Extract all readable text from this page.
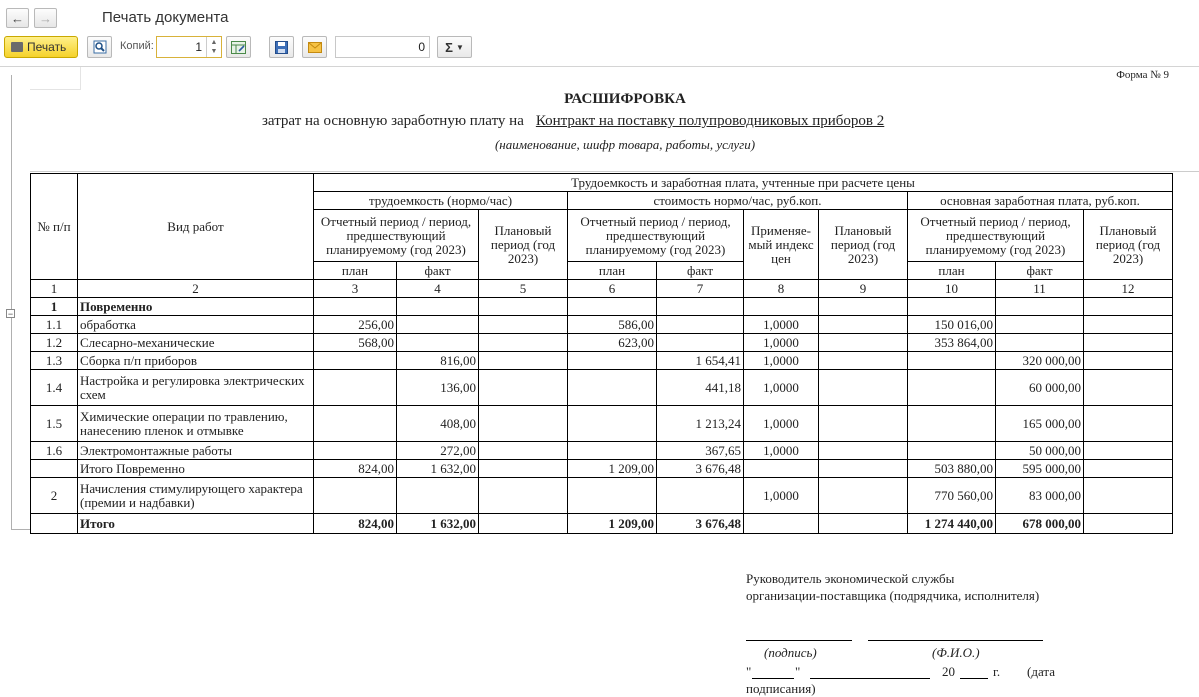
← →	Печать документа
Печать	Копий:	1	▲
▼	0	Σ ▼
−
Форма № 9
РАСШИФРОВКА
затрат на основную заработную плату на Контракт на поставку полупроводниковых приборов 2
(наименование, шифр товара, работы, услуги)
№ п/п	Вид работ	Трудоемкость и заработная плата, учтенные при расчете цены									
		трудоемкость (нормо/час)			стоимость нормо/час, руб.коп.				основная заработная плата, руб.коп.		
		Отчетный период / период, предшествующий планируемому (год 2023)		Плановый период (год 2023)	Отчетный период / период, предшествующий планируемому (год 2023)		Применяе-мый индекс цен	Плановый период (год 2023)	Отчетный период / период, предшествующий планируемому (год 2023)		Плановый период (год 2023)
		план	факт		план	факт			план	факт	
1	2	3	4	5	6	7	8	9	10	11	12
1	Повременно										
1.1	обработка	256,00			586,00		1,0000		150 016,00		
1.2	Слесарно-механические	568,00			623,00		1,0000		353 864,00		
1.3	Сборка п/п приборов		816,00			1 654,41	1,0000			320 000,00	
1.4	Настройка и регулировка электрических схем		136,00			441,18	1,0000			60 000,00	
1.5	Химические операции по травлению, нанесению пленок и отмывке		408,00			1 213,24	1,0000			165 000,00	
1.6	Электромонтажные работы		272,00			367,65	1,0000			50 000,00	
	Итого Повременно	824,00	1 632,00		1 209,00	3 676,48			503 880,00	595 000,00	
2	Начисления стимулирующего характера (премии и надбавки)						1,0000		770 560,00	83 000,00	
	Итого	824,00	1 632,00		1 209,00	3 676,48			1 274 440,00	678 000,00	
Руководитель экономической службы
организации-поставщика (подрядчика, исполнителя)
(подпись)	(Ф.И.О.)
"	"	20	г. (дата
подписания)
